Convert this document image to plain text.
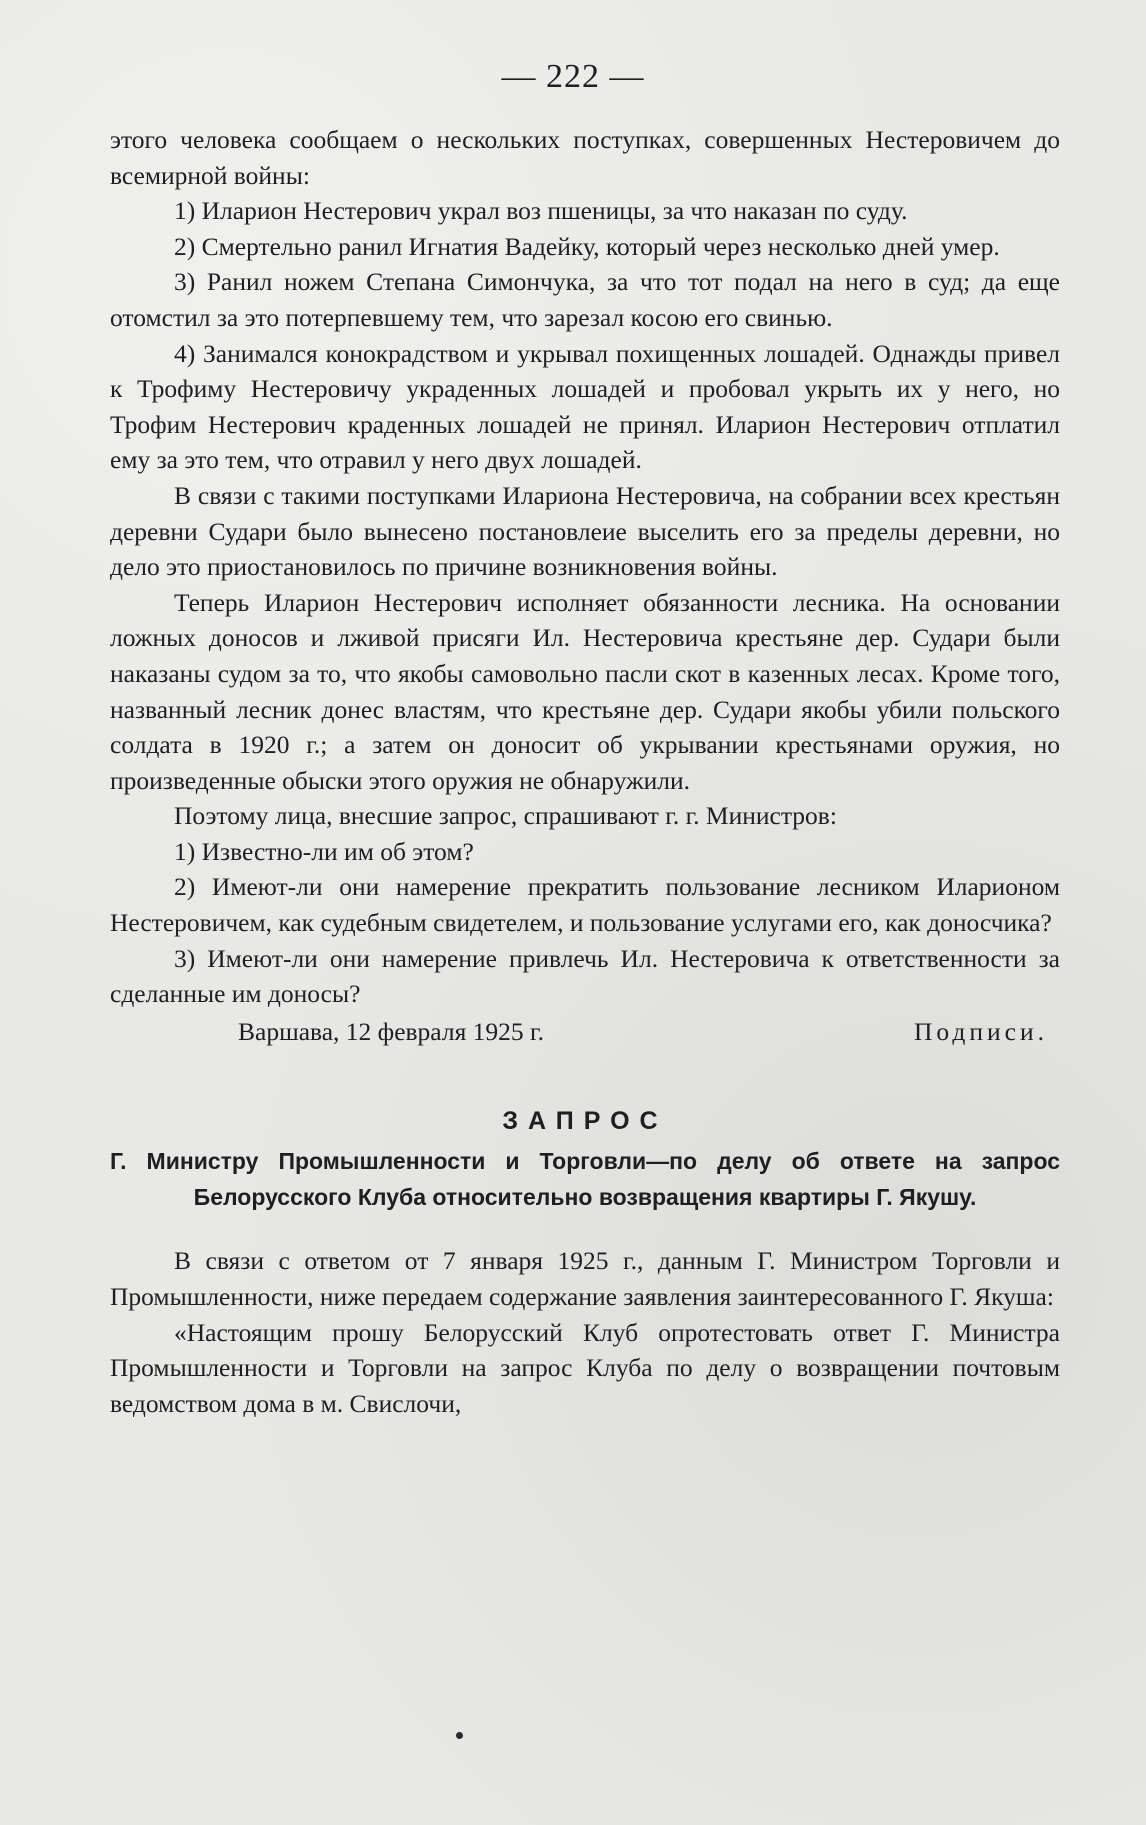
— 222 —

этого человека сообщаем о нескольких поступках, совершенных Нестеровичем до всемирной войны:

1) Иларион Нестерович украл воз пшеницы, за что наказан по суду.

2) Смертельно ранил Игнатия Вадейку, который через несколько дней умер.

3) Ранил ножем Степана Симончука, за что тот подал на него в суд; да еще отомстил за это потерпевшему тем, что зарезал косою его свинью.

4) Занимался конокрадством и укрывал похищенных лошадей. Однажды привел к Трофиму Нестеровичу украденных лошадей и пробовал укрыть их у него, но Трофим Нестерович краденных лошадей не принял. Иларион Нестерович отплатил ему за это тем, что отравил у него двух лошадей.

В связи с такими поступками Илариона Нестеровича, на собрании всех крестьян деревни Судари было вынесено постановлеие выселить его за пределы деревни, но дело это приостановилось по причине возникновения войны.

Теперь Иларион Нестерович исполняет обязанности лесника. На основании ложных доносов и лживой присяги Ил. Нестеровича крестьяне дер. Судари были наказаны судом за то, что якобы самовольно пасли скот в казенных лесах. Кроме того, названный лесник донес властям, что крестьяне дер. Судари якобы убили польского солдата в 1920 г.; а затем он доносит об укрывании крестьянами оружия, но произведенные обыски этого оружия не обнаружили.

Поэтому лица, внесшие запрос, спрашивают г. г. Министров:

1) Известно-ли им об этом?

2) Имеют-ли они намерение прекратить пользование лесником Иларионом Нестеровичем, как судебным свидетелем, и пользование услугами его, как доносчика?

3) Имеют-ли они намерение привлечь Ил. Нестеровича к ответственности за сделанные им доносы?

Варшава, 12 февраля 1925 г.	Подписи.
ЗАПРОС
Г. Министру Промышленности и Торговли—по делу об ответе на запрос Белорусского Клуба относительно возвращения квартиры Г. Якушу.

В связи с ответом от 7 января 1925 г., данным Г. Министром Торговли и Промышленности, ниже передаем содержание заявления заинтересованного Г. Якуша:

«Настоящим прошу Белорусский Клуб опротестовать ответ Г. Министра Промышленности и Торговли на запрос Клуба по делу о возвращении почтовым ведомством дома в м. Свислочи,
